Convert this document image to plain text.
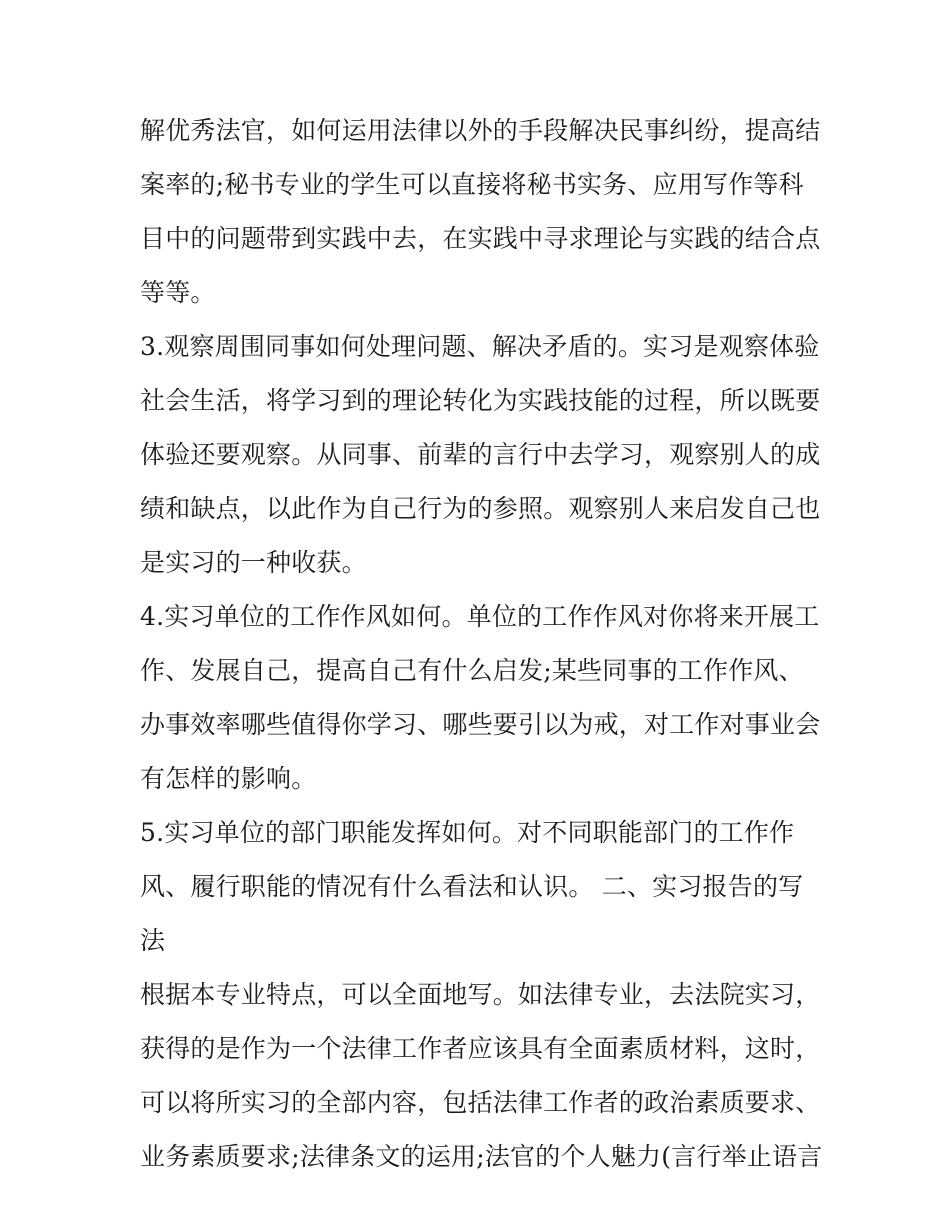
解优秀法官，如何运用法律以外的手段解决民事纠纷，提高结
案率的;秘书专业的学生可以直接将秘书实务、应用写作等科
目中的问题带到实践中去，在实践中寻求理论与实践的结合点
等等。
3.观察周围同事如何处理问题、解决矛盾的。实习是观察体验
社会生活，将学习到的理论转化为实践技能的过程，所以既要
体验还要观察。从同事、前辈的言行中去学习，观察别人的成
绩和缺点，以此作为自己行为的参照。观察别人来启发自己也
是实习的一种收获。
4.实习单位的工作作风如何。单位的工作作风对你将来开展工
作、发展自己，提高自己有什么启发;某些同事的工作作风、
办事效率哪些值得你学习、哪些要引以为戒，对工作对事业会
有怎样的影响。
5.实习单位的部门职能发挥如何。对不同职能部门的工作作
风、履行职能的情况有什么看法和认识。 二、实习报告的写
法
根据本专业特点，可以全面地写。如法律专业，去法院实习，
获得的是作为一个法律工作者应该具有全面素质材料，这时，
可以将所实习的全部内容，包括法律工作者的政治素质要求、
业务素质要求;法律条文的运用;法官的个人魅力(言行举止语言
